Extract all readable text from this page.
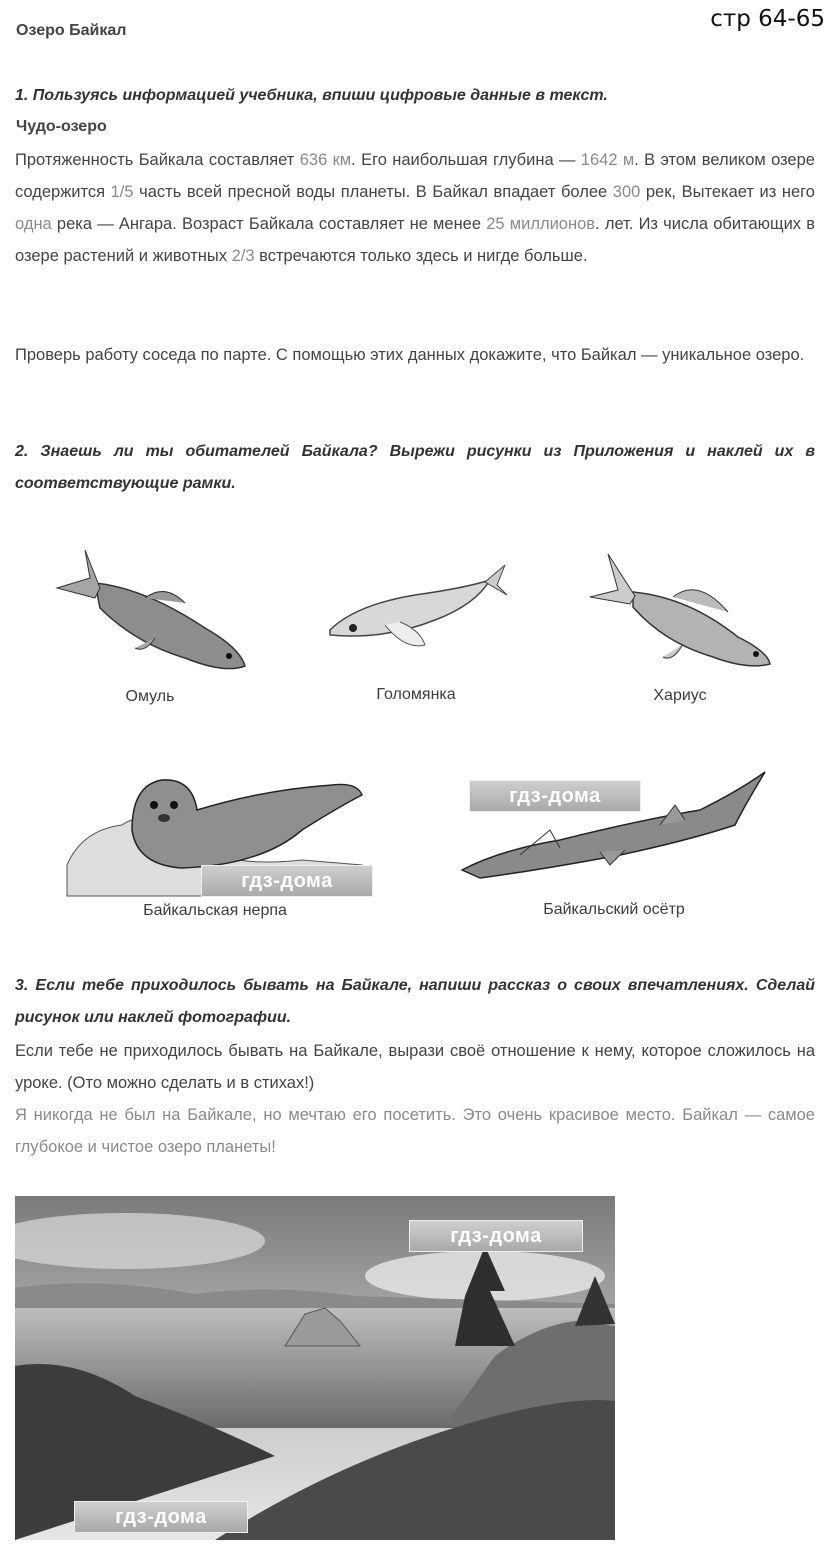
Озеро Байкал	стр 64-65
1. Пользуясь информацией учебника, впиши цифровые данные в текст.
Чудо-озеро
Протяженность Байкала составляет 636 км. Его наибольшая глубина — 1642 м. В этом великом озере содержится 1/5 часть всей пресной воды планеты. В Байкал впадает более 300 рек, Вытекает из него одна река — Ангара. Возраст Байкала составляет не менее 25 миллионов. лет. Из числа обитающих в озере растений и животных 2/3 встречаются только здесь и нигде больше.
Проверь работу соседа по парте. С помощью этих данных докажите, что Байкал — уникальное озеро.
2. Знаешь ли ты обитателей Байкала? Вырежи рисунки из Приложения и наклей их в соответствующие рамки.
Омуль	Голомянка	Хариус
гдз-дома
Байкальская нерпа
гдз-дома
Байкальский осётр
3. Если тебе приходилось бывать на Байкале, напиши рассказ о своих впечатлениях. Сделай рисунок или наклей фотографии.
Если тебе не приходилось бывать на Байкале, вырази своё отношение к нему, которое сложилось на уроке. (Ото можно сделать и в стихах!)
Я никогда не был на Байкале, но мечтаю его посетить. Это очень красивое место. Байкал — самое глубокое и чистое озеро планеты!
гдз-дома
гдз-дома
